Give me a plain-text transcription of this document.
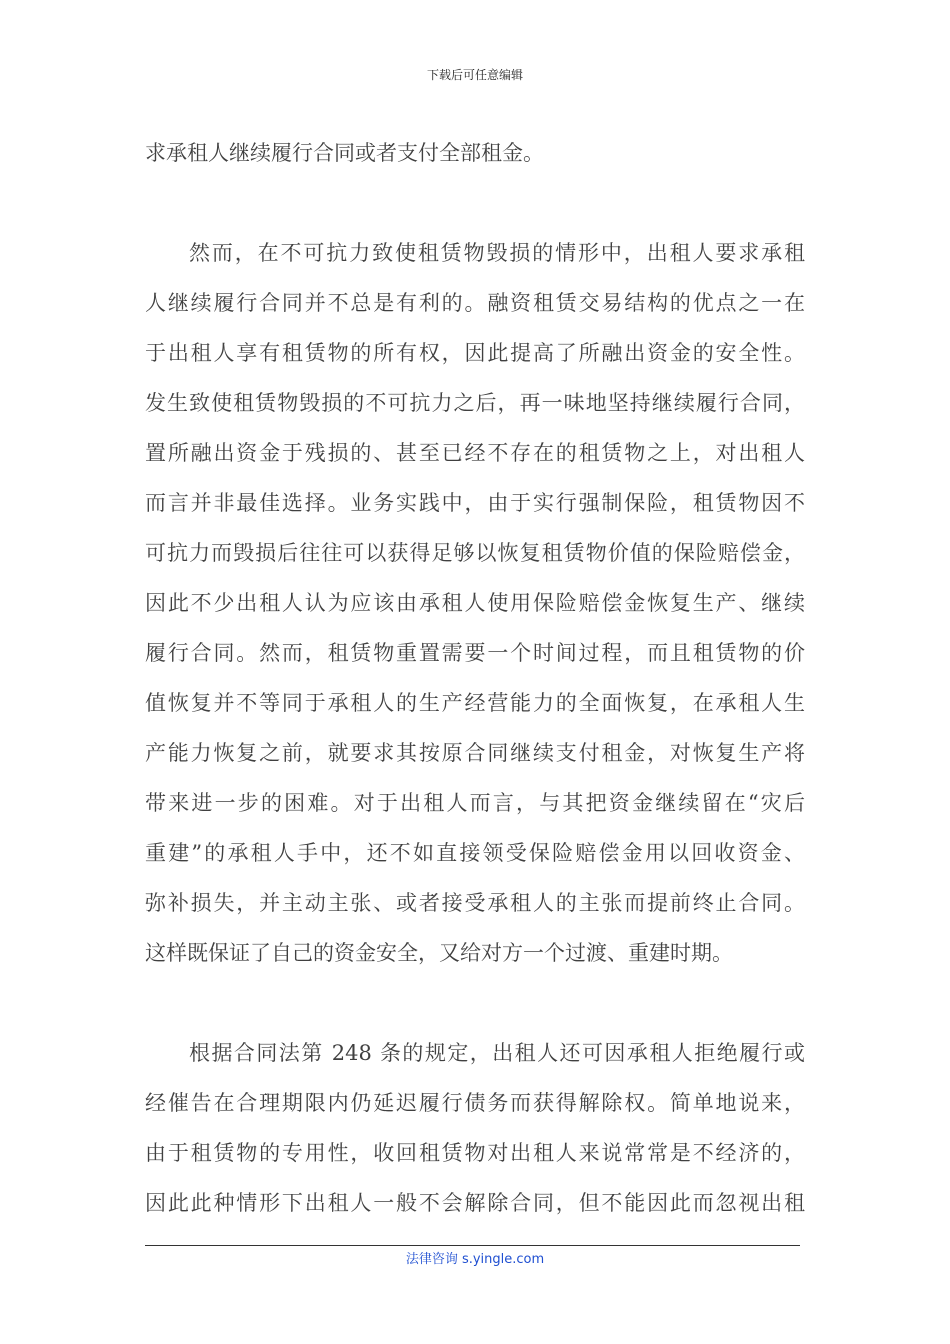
下载后可任意编辑
求承租人继续履行合同或者支付全部租金。
然而，在不可抗力致使租赁物毁损的情形中，出租人要求承租
人继续履行合同并不总是有利的。融资租赁交易结构的优点之一在
于出租人享有租赁物的所有权，因此提高了所融出资金的安全性。
发生致使租赁物毁损的不可抗力之后，再一味地坚持继续履行合同，
置所融出资金于残损的、甚至已经不存在的租赁物之上，对出租人
而言并非最佳选择。业务实践中，由于实行强制保险，租赁物因不
可抗力而毁损后往往可以获得足够以恢复租赁物价值的保险赔偿金，
因此不少出租人认为应该由承租人使用保险赔偿金恢复生产、继续
履行合同。然而，租赁物重置需要一个时间过程，而且租赁物的价
值恢复并不等同于承租人的生产经营能力的全面恢复，在承租人生
产能力恢复之前，就要求其按原合同继续支付租金，对恢复生产将
带来进一步的困难。对于出租人而言，与其把资金继续留在“灾后
重建”的承租人手中，还不如直接领受保险赔偿金用以回收资金、
弥补损失，并主动主张、或者接受承租人的主张而提前终止合同。
这样既保证了自己的资金安全，又给对方一个过渡、重建时期。
根据合同法第 248 条的规定，出租人还可因承租人拒绝履行或
经催告在合理期限内仍延迟履行债务而获得解除权。简单地说来，
由于租赁物的专用性，收回租赁物对出租人来说常常是不经济的，
因此此种情形下出租人一般不会解除合同，但不能因此而忽视出租
法律咨询 s.yingle.com
